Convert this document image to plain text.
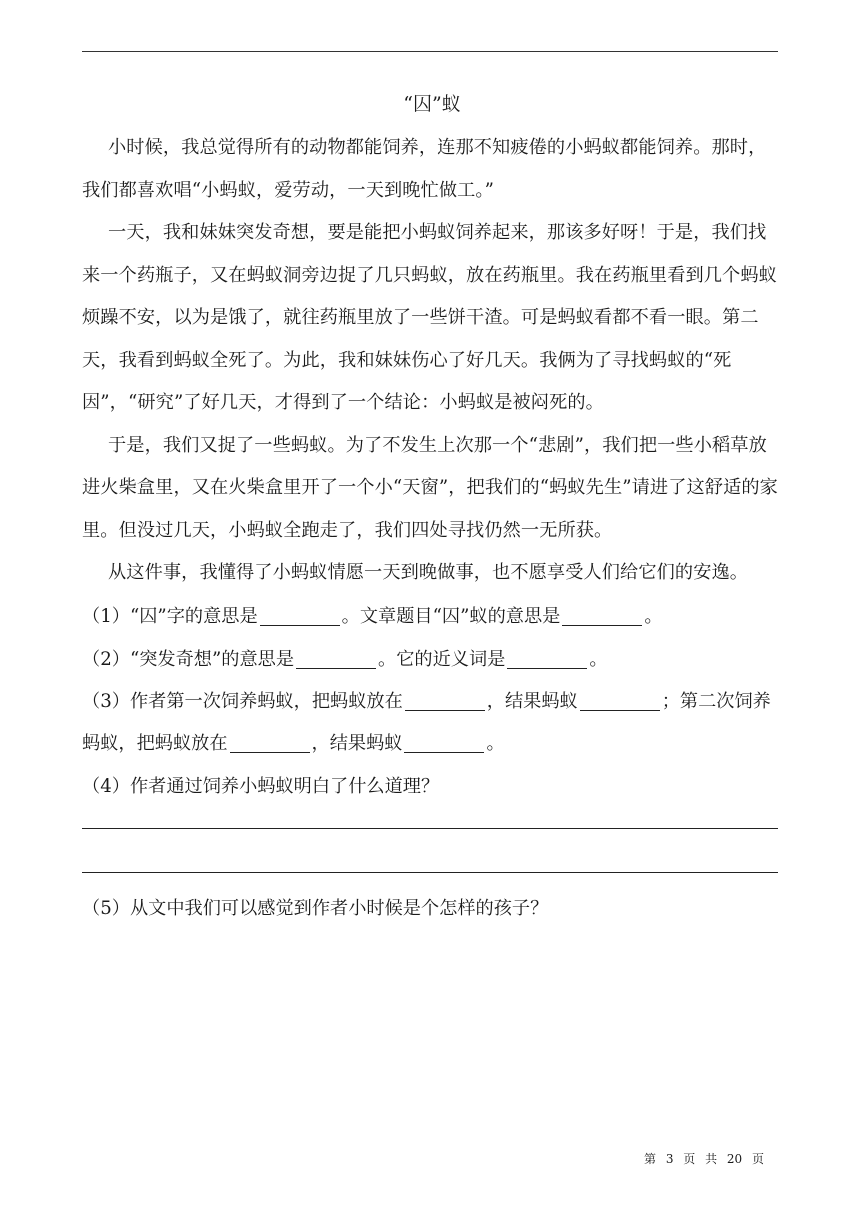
“囚”蚁

小时候，我总觉得所有的动物都能饲养，连那不知疲倦的小蚂蚁都能饲养。那时，我们都喜欢唱“小蚂蚁，爱劳动，一天到晚忙做工。”

一天，我和妹妹突发奇想，要是能把小蚂蚁饲养起来，那该多好呀！于是，我们找来一个药瓶子，又在蚂蚁洞旁边捉了几只蚂蚁，放在药瓶里。我在药瓶里看到几个蚂蚁烦躁不安，以为是饿了，就往药瓶里放了一些饼干渣。可是蚂蚁看都不看一眼。第二天，我看到蚂蚁全死了。为此，我和妹妹伤心了好几天。我俩为了寻找蚂蚁的“死因”，“研究”了好几天，才得到了一个结论：小蚂蚁是被闷死的。

于是，我们又捉了一些蚂蚁。为了不发生上次那一个“悲剧”，我们把一些小稻草放进火柴盒里，又在火柴盒里开了一个小“天窗”，把我们的“蚂蚁先生”请进了这舒适的家里。但没过几天，小蚂蚁全跑走了，我们四处寻找仍然一无所获。

从这件事，我懂得了小蚂蚁情愿一天到晚做事，也不愿享受人们给它们的安逸。

（1）“囚”字的意思是	。文章题目“囚”蚁的意思是	。

（2）“突发奇想”的意思是	。它的近义词是	。

（3）作者第一次饲养蚂蚁，把蚂蚁放在	，结果蚂蚁	；第二次饲养蚂蚁，把蚂蚁放在	，结果蚂蚁	。

（4）作者通过饲养小蚂蚁明白了什么道理？

（5）从文中我们可以感觉到作者小时候是个怎样的孩子？

第 3 页 共 20 页
